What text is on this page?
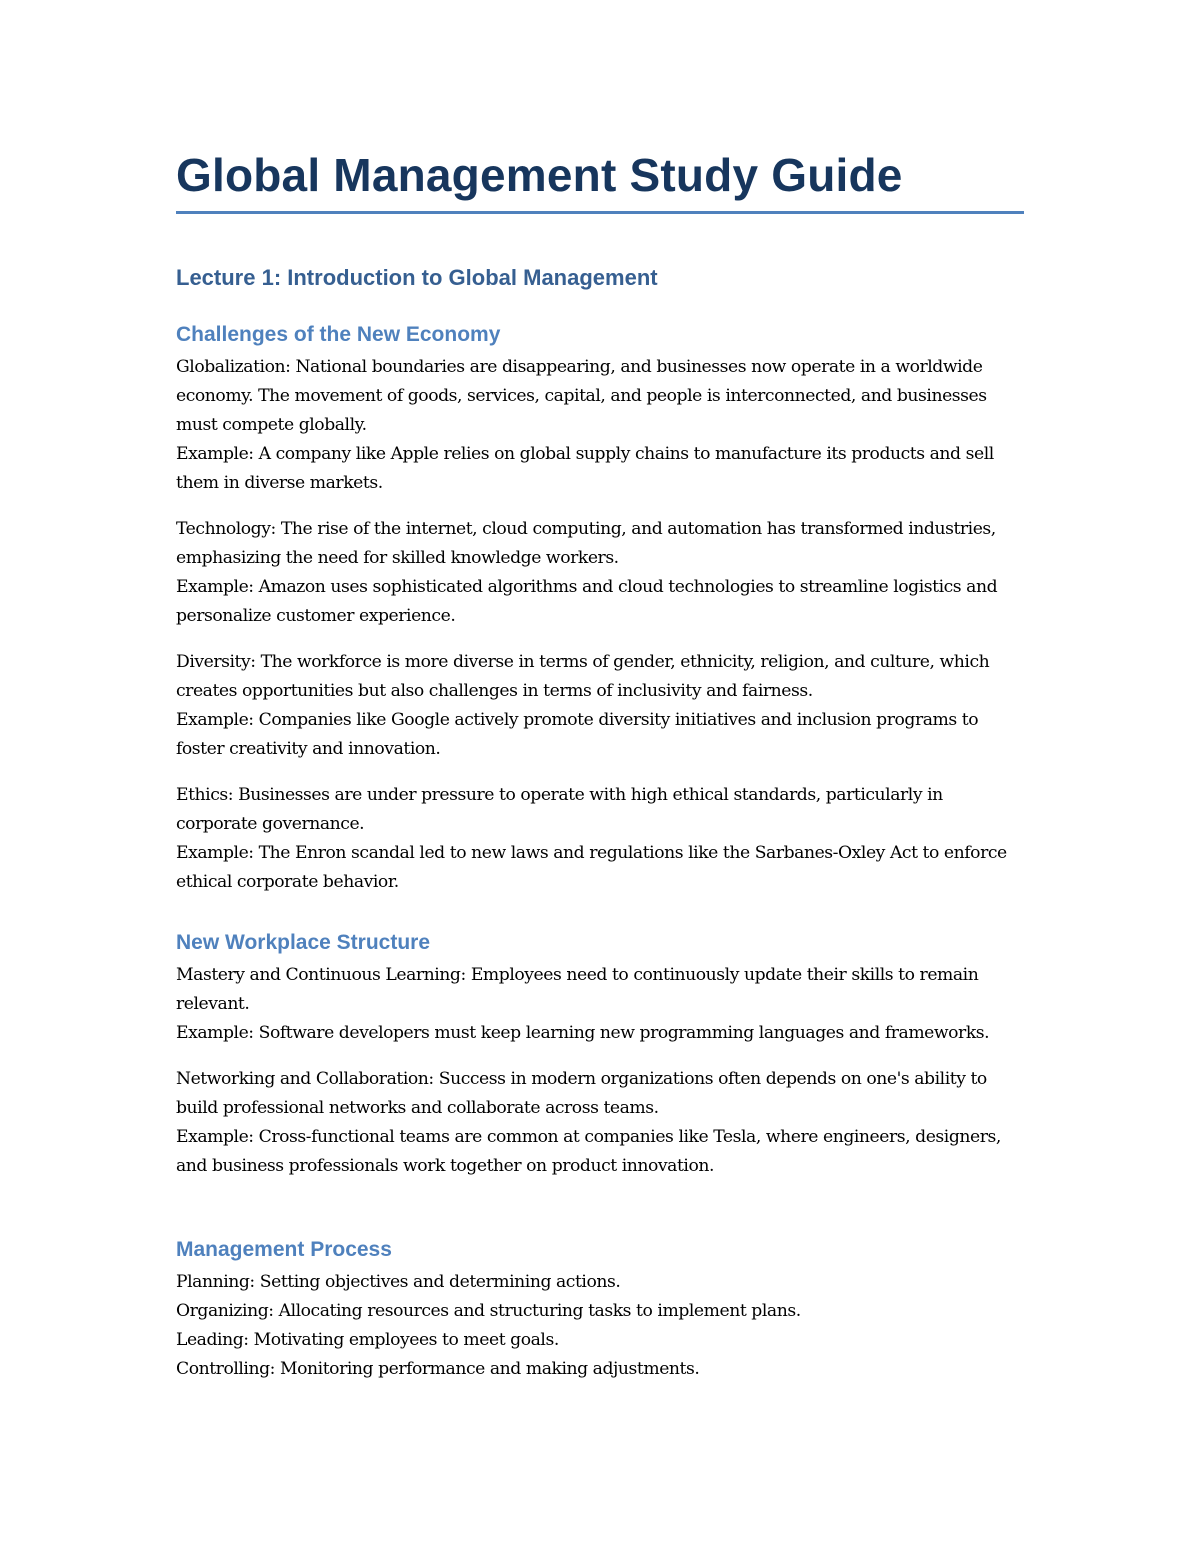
Global Management Study Guide
Lecture 1: Introduction to Global Management
Challenges of the New Economy

Globalization: National boundaries are disappearing, and businesses now operate in a worldwide economy. The movement of goods, services, capital, and people is interconnected, and businesses must compete globally.
Example: A company like Apple relies on global supply chains to manufacture its products and sell them in diverse markets.

Technology: The rise of the internet, cloud computing, and automation has transformed industries, emphasizing the need for skilled knowledge workers.
Example: Amazon uses sophisticated algorithms and cloud technologies to streamline logistics and personalize customer experience.

Diversity: The workforce is more diverse in terms of gender, ethnicity, religion, and culture, which creates opportunities but also challenges in terms of inclusivity and fairness.
Example: Companies like Google actively promote diversity initiatives and inclusion programs to foster creativity and innovation.

Ethics: Businesses are under pressure to operate with high ethical standards, particularly in corporate governance.
Example: The Enron scandal led to new laws and regulations like the Sarbanes-Oxley Act to enforce ethical corporate behavior.

New Workplace Structure

Mastery and Continuous Learning: Employees need to continuously update their skills to remain relevant.
Example: Software developers must keep learning new programming languages and frameworks.

Networking and Collaboration: Success in modern organizations often depends on one's ability to build professional networks and collaborate across teams.
Example: Cross-functional teams are common at companies like Tesla, where engineers, designers, and business professionals work together on product innovation.

Management Process
Planning: Setting objectives and determining actions.
Organizing: Allocating resources and structuring tasks to implement plans.
Leading: Motivating employees to meet goals.
Controlling: Monitoring performance and making adjustments.
